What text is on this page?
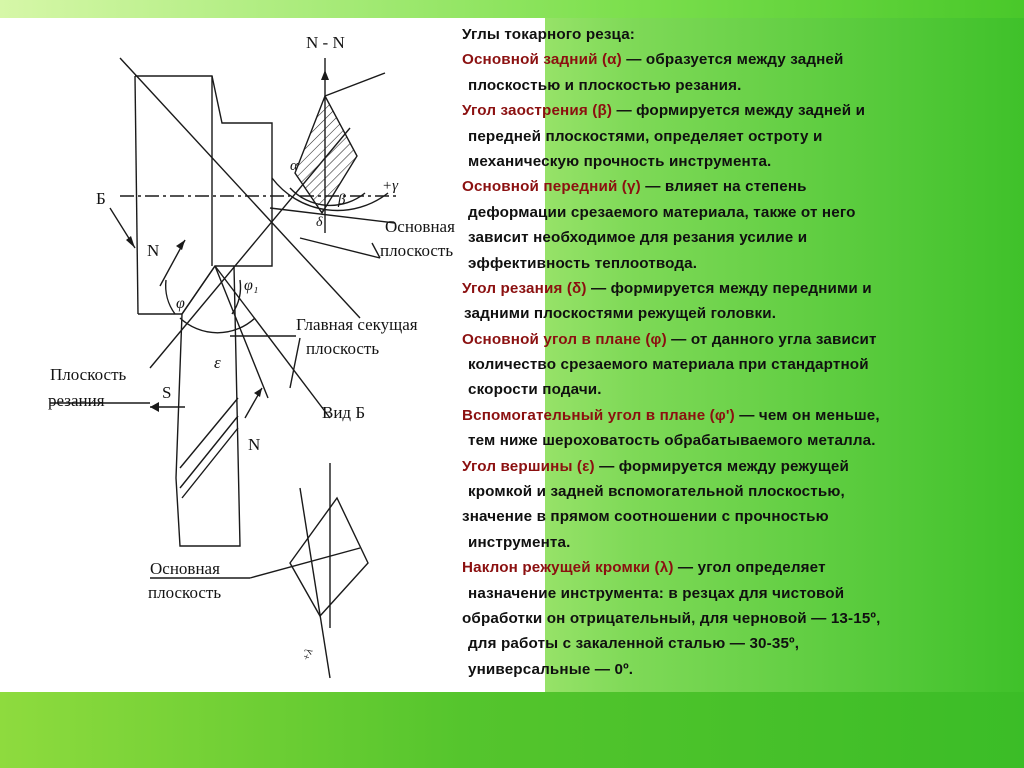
N - N
Б
N
N
S
φ
φ₁
ε
α
β
δ
+γ
Основная
плоскость
Главная секущая
плоскость
Плоскость
резания
Вид Б
Основная
плоскость
+λ
Углы токарного резца:
Основной задний (α) — образуется между задней
плоскостью и плоскостью резания.
Угол заострения (β) — формируется между задней и
передней плоскостями, определяет остроту и
механическую прочность инструмента.
Основной передний (γ) — влияет на степень
деформации срезаемого материала, также от него
зависит необходимое для резания усилие и
эффективность теплоотвода.
Угол резания (δ) — формируется между передними и
задними плоскостями режущей головки.
Основной угол в плане (φ) — от данного угла зависит
количество срезаемого материала при стандартной
скорости подачи.
Вспомогательный угол в плане (φ') — чем он меньше,
тем ниже шероховатость обрабатываемого металла.
Угол вершины (ε) — формируется между режущей
кромкой и задней вспомогательной плоскостью,
значение в прямом соотношении с прочностью
инструмента.
Наклон режущей кромки (λ) — угол определяет
назначение инструмента: в резцах для чистовой
обработки он отрицательный, для черновой — 13-15º,
для работы с закаленной сталью — 30-35º,
универсальные — 0º.
